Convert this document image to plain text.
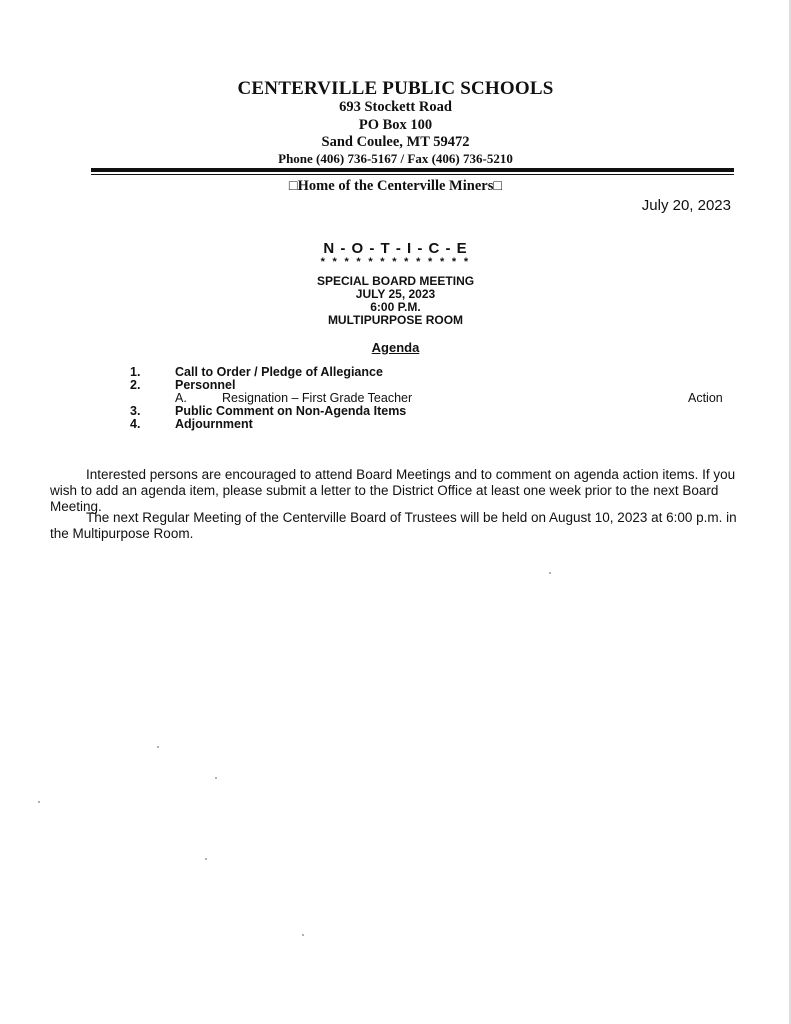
CENTERVILLE PUBLIC SCHOOLS
693 Stockett Road
PO Box 100
Sand Coulee, MT 59472
Phone (406) 736-5167 / Fax (406) 736-5210
□Home of the Centerville Miners□
July 20, 2023
N - O - T - I - C - E
* * * * * * * * * * * * *
SPECIAL BOARD MEETING
JULY 25, 2023
6:00 P.M.
MULTIPURPOSE ROOM
Agenda
1.	Call to Order / Pledge of Allegiance
2.	Personnel
A.	Resignation – First Grade Teacher	Action
3.	Public Comment on Non-Agenda Items
4.	Adjournment
Interested persons are encouraged to attend Board Meetings and to comment on agenda action items. If you wish to add an agenda item, please submit a letter to the District Office at least one week prior to the next Board Meeting.
The next Regular Meeting of the Centerville Board of Trustees will be held on August 10, 2023 at 6:00 p.m. in the Multipurpose Room.
